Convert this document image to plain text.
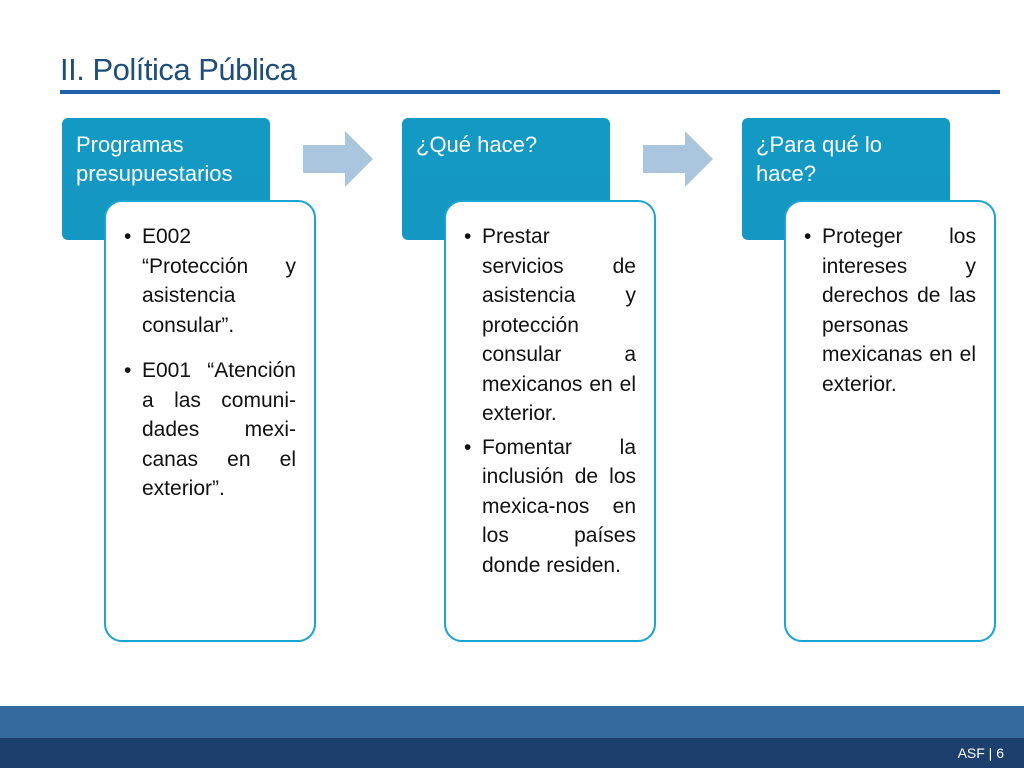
II. Política Pública
Programas presupuestarios
• E002 “Protección y asistencia consular”.
• E001 “Atención a las comuni-dades mexi-canas en el exterior”.
¿Qué hace?
• Prestar servicios de asistencia y protección consular a mexicanos en el exterior.
• Fomentar la inclusión de los mexica-nos en los países donde residen.
¿Para qué lo hace?
• Proteger los intereses y derechos de las personas mexicanas en el exterior.
ASF | 6
